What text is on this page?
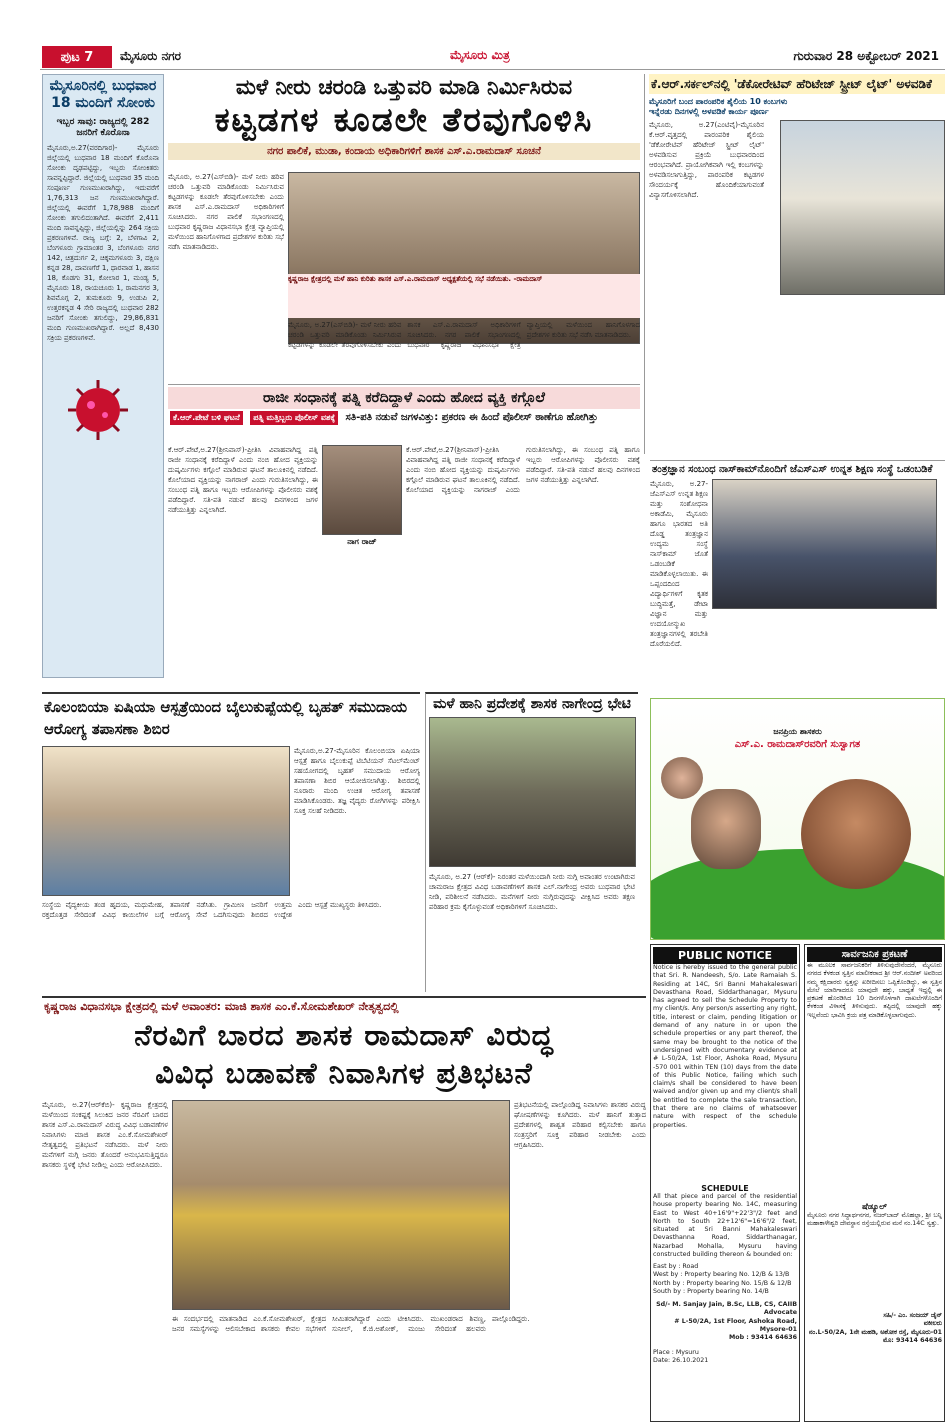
ಪುಟ 7	ಮೈಸೂರು ನಗರ	ಮೈಸೂರು ಮಿತ್ರ	ಗುರುವಾರ 28 ಅಕ್ಟೋಬರ್ 2021
ಮೈಸೂರಿನಲ್ಲಿ ಬುಧವಾರ 18 ಮಂದಿಗೆ ಸೋಂಕು
ಇಬ್ಬರ ಸಾವು: ರಾಜ್ಯದಲ್ಲಿ 282 ಜನರಿಗೆ ಕೊರೊನಾ
ಮೈಸೂರು,ಅ.27(ವರದಿಗಾರ)- ಮೈಸೂರು ಜಿಲ್ಲೆಯಲ್ಲಿ ಬುಧವಾರ 18 ಮಂದಿಗೆ ಕೊರೊನಾ ಸೋಂಕು ದೃಢಪಟ್ಟಿದ್ದು, ಇಬ್ಬರು ಸೋಂಕಿತರು ಸಾವನ್ನಪ್ಪಿದ್ದಾರೆ. ಜಿಲ್ಲೆಯಲ್ಲಿ ಬುಧವಾರ 35 ಮಂದಿ ಸಂಪೂರ್ಣ ಗುಣಮುಖರಾಗಿದ್ದು, ಇದುವರೆಗೆ 1,76,313 ಜನ ಗುಣಮುಖರಾಗಿದ್ದಾರೆ. ಜಿಲ್ಲೆಯಲ್ಲಿ ಈವರೆಗೆ 1,78,988 ಮಂದಿಗೆ ಸೋಂಕು ತಗುಲಿದಂತಾಗಿದೆ. ಈವರೆಗೆ 2,411 ಮಂದಿ ಸಾವನ್ನಪ್ಪಿದ್ದು, ಜಿಲ್ಲೆಯಲ್ಲಿನ್ನು 264 ಸಕ್ರಿಯ ಪ್ರಕರಣಗಳಿವೆ. ರಾಜ್ಯ ಬಗ್ಗೆ: 2, ಬೆಳಗಾವಿ 2, ಬೆಂಗಳೂರು ಗ್ರಾಮಾಂತರ 3, ಬೆಂಗಳೂರು ನಗರ 142, ಚಿತ್ರದುರ್ಗ 2, ಚಿಕ್ಕಮಗಳೂರು 3, ದಕ್ಷಿಣ ಕನ್ನಡ 28, ದಾವಣಗೆರೆ 1, ಧಾರವಾಡ 1, ಹಾಸನ 18, ಕೊಡಗು 31, ಕೋಲಾರ 1, ಮಂಡ್ಯ 5, ಮೈಸೂರು 18, ರಾಯಚೂರು 1, ರಾಮನಗರ 3, ಶಿವಮೊಗ್ಗ 2, ತುಮಕೂರು 9, ಉಡುಪಿ 2, ಉತ್ತರಕನ್ನಡ 4 ಸೇರಿ ರಾಜ್ಯದಲ್ಲಿ ಬುಧವಾರ 282 ಜನರಿಗೆ ಸೋಂಕು ತಗುಲಿದ್ದು, 29,86,831 ಮಂದಿ ಗುಣಮುಖರಾಗಿದ್ದಾರೆ. ಅಲ್ಲದೆ 8,430 ಸಕ್ರಿಯ ಪ್ರಕರಣಗಳಿವೆ.
ಮಳೆ ನೀರು ಚರಂಡಿ ಒತ್ತುವರಿ ಮಾಡಿ ನಿರ್ಮಿಸಿರುವ
ಕಟ್ಟಡಗಳ ಕೂಡಲೇ ತೆರವುಗೊಳಿಸಿ
ನಗರ ಪಾಲಿಕೆ, ಮುಡಾ, ಕಂದಾಯ ಅಧಿಕಾರಿಗಳಿಗೆ ಶಾಸಕ ಎಸ್.ಎ.ರಾಮದಾಸ್ ಸೂಚನೆ
ಮೈಸೂರು, ಅ.27(ಎಸ್‌ಬಿಡಿ)- ಮಳೆ ನೀರು ಹರಿವ ಚರಂಡಿ ಒತ್ತುವರಿ ಮಾಡಿಕೊಂಡು ನಿರ್ಮಿಸಿರುವ ಕಟ್ಟಡಗಳನ್ನು ಕೂಡಲೇ ತೆರವುಗೊಳಿಸಬೇಕು ಎಂದು ಶಾಸಕ ಎಸ್.ಎ.ರಾಮದಾಸ್ ಅಧಿಕಾರಿಗಳಿಗೆ ಸೂಚಿಸಿದರು. ನಗರ ಪಾಲಿಕೆ ಸಭಾಂಗಣದಲ್ಲಿ ಬುಧವಾರ ಕೃಷ್ಣರಾಜ ವಿಧಾನಸಭಾ ಕ್ಷೇತ್ರ ವ್ಯಾಪ್ತಿಯಲ್ಲಿ ಮಳೆಯಿಂದ ಹಾನಿಗೊಳಗಾದ ಪ್ರದೇಶಗಳ ಕುರಿತು ಸಭೆ ನಡೆಸಿ ಮಾತನಾಡಿದರು.
ಕೃಷ್ಣರಾಜ ಕ್ಷೇತ್ರದಲ್ಲಿ ಮಳೆ ಹಾನಿ ಕುರಿತು ಶಾಸಕ ಎಸ್.ಎ.ರಾಮದಾಸ್ ಅಧ್ಯಕ್ಷತೆಯಲ್ಲಿ ಸಭೆ ನಡೆಯಿತು. -ರಾಮದಾಸ್
ಮೈಸೂರು, ಅ.27(ಎಸ್‌ಬಿಡಿ)- ಮಳೆ ನೀರು ಹರಿವ ಚರಂಡಿ ಒತ್ತುವರಿ ಮಾಡಿಕೊಂಡು ನಿರ್ಮಿಸಿರುವ ಕಟ್ಟಡಗಳನ್ನು ಕೂಡಲೇ ತೆರವುಗೊಳಿಸಬೇಕು ಎಂದು ಶಾಸಕ ಎಸ್.ಎ.ರಾಮದಾಸ್ ಅಧಿಕಾರಿಗಳಿಗೆ ಸೂಚಿಸಿದರು. ನಗರ ಪಾಲಿಕೆ ಸಭಾಂಗಣದಲ್ಲಿ ಬುಧವಾರ ಕೃಷ್ಣರಾಜ ವಿಧಾನಸಭಾ ಕ್ಷೇತ್ರ ವ್ಯಾಪ್ತಿಯಲ್ಲಿ ಮಳೆಯಿಂದ ಹಾನಿಗೊಳಗಾದ ಪ್ರದೇಶಗಳ ಕುರಿತು ಸಭೆ ನಡೆಸಿ ಮಾತನಾಡಿದರು.
ಕೆ.ಆರ್.ಸರ್ಕಲ್‌ನಲ್ಲಿ 'ಡೆಕೋರೇಟಿವ್ ಹೆರಿಟೇಜ್ ಸ್ಟ್ರೀಟ್ ಲೈಟ್' ಅಳವಡಿಕೆ
ಮೈಸೂರಿಗೆ ಬಂದ ಪಾರಂಪರಿಕ ಶೈಲಿಯ 10 ಕಂಬಗಳು
ಇನ್ನೆರಡು ದಿನಗಳಲ್ಲಿ ಅಳವಡಿಕೆ ಕಾರ್ಯ ಪೂರ್ಣ
ಮೈಸೂರು, ಅ.27(ಎಂಟಿವೈ)-ಮೈಸೂರಿನ ಕೆ.ಆರ್.ವೃತ್ತದಲ್ಲಿ ಪಾರಂಪರಿಕ ಶೈಲಿಯ 'ಡೆಕೋರೇಟಿವ್ ಹೆರಿಟೇಜ್ ಸ್ಟ್ರೀಟ್ ಲೈಟ್' ಅಳವಡಿಸುವ ಪ್ರಕ್ರಿಯೆ ಬುಧವಾರದಿಂದ ಆರಂಭವಾಗಿದೆ. ಪ್ರಾಯೋಗಿಕವಾಗಿ ಇಲ್ಲಿ ಕಂಬಗಳನ್ನು ಅಳವಡಿಸಲಾಗುತ್ತಿದ್ದು, ಪಾರಂಪರಿಕ ಕಟ್ಟಡಗಳ ಸೌಂದರ್ಯಕ್ಕೆ ಹೊಂದಿಕೆಯಾಗುವಂತೆ ವಿನ್ಯಾಸಗೊಳಿಸಲಾಗಿದೆ.
ರಾಜೀ ಸಂಧಾನಕ್ಕೆ ಪತ್ನಿ ಕರೆದಿದ್ದಾಳೆ ಎಂದು ಹೋದ ವ್ಯಕ್ತಿ ಕಗ್ಗೊಲೆ
ಕೆ.ಆರ್.ಪೇಟೆ ಬಳಿ ಘಟನೆ ಪತ್ನಿ ಮತ್ತಿಬ್ಬರು ಪೊಲೀಸ್ ವಶಕ್ಕೆ ಸತಿ-ಪತಿ ನಡುವೆ ಜಗಳವಿತ್ತು: ಪ್ರಕರಣ ಈ ಹಿಂದೆ ಪೊಲೀಸ್ ಠಾಣೆಗೂ ಹೋಗಿತ್ತು
ಕೆ.ಆರ್.ಪೇಟೆ,ಅ.27(ಶ್ರೀನಿವಾಸ್)-ಪ್ರೀತಿಸಿ ವಿವಾಹವಾಗಿದ್ದ ಪತ್ನಿ ರಾಜೀ ಸಂಧಾನಕ್ಕೆ ಕರೆದಿದ್ದಾಳೆ ಎಂದು ನಂಬಿ ಹೋದ ವ್ಯಕ್ತಿಯನ್ನು ದುಷ್ಕರ್ಮಿಗಳು ಕಗ್ಗೊಲೆ ಮಾಡಿರುವ ಘಟನೆ ತಾಲೂಕಿನಲ್ಲಿ ನಡೆದಿದೆ. ಕೊಲೆಯಾದ ವ್ಯಕ್ತಿಯನ್ನು ನಾಗರಾಜ್ ಎಂದು ಗುರುತಿಸಲಾಗಿದ್ದು, ಈ ಸಂಬಂಧ ಪತ್ನಿ ಹಾಗೂ ಇಬ್ಬರು ಆರೋಪಿಗಳನ್ನು ಪೊಲೀಸರು ವಶಕ್ಕೆ ಪಡೆದಿದ್ದಾರೆ. ಸತಿ-ಪತಿ ನಡುವೆ ಹಲವು ದಿನಗಳಿಂದ ಜಗಳ ನಡೆಯುತ್ತಿತ್ತು ಎನ್ನಲಾಗಿದೆ.
ನಾಗ ರಾಜ್
ಕೆ.ಆರ್.ಪೇಟೆ,ಅ.27(ಶ್ರೀನಿವಾಸ್)-ಪ್ರೀತಿಸಿ ವಿವಾಹವಾಗಿದ್ದ ಪತ್ನಿ ರಾಜೀ ಸಂಧಾನಕ್ಕೆ ಕರೆದಿದ್ದಾಳೆ ಎಂದು ನಂಬಿ ಹೋದ ವ್ಯಕ್ತಿಯನ್ನು ದುಷ್ಕರ್ಮಿಗಳು ಕಗ್ಗೊಲೆ ಮಾಡಿರುವ ಘಟನೆ ತಾಲೂಕಿನಲ್ಲಿ ನಡೆದಿದೆ. ಕೊಲೆಯಾದ ವ್ಯಕ್ತಿಯನ್ನು ನಾಗರಾಜ್ ಎಂದು ಗುರುತಿಸಲಾಗಿದ್ದು, ಈ ಸಂಬಂಧ ಪತ್ನಿ ಹಾಗೂ ಇಬ್ಬರು ಆರೋಪಿಗಳನ್ನು ಪೊಲೀಸರು ವಶಕ್ಕೆ ಪಡೆದಿದ್ದಾರೆ. ಸತಿ-ಪತಿ ನಡುವೆ ಹಲವು ದಿನಗಳಿಂದ ಜಗಳ ನಡೆಯುತ್ತಿತ್ತು ಎನ್ನಲಾಗಿದೆ.
ತಂತ್ರಜ್ಞಾನ ಸಂಬಂಧ ನಾಸ್‌ಕಾಮ್‌ನೊಂದಿಗೆ ಜೆಎಸ್‌ಎಸ್ ಉನ್ನತ ಶಿಕ್ಷಣ ಸಂಸ್ಥೆ ಒಡಂಬಡಿಕೆ
ಮೈಸೂರು, ಅ.27- ಜೆಎಸ್‌ಎಸ್ ಉನ್ನತ ಶಿಕ್ಷಣ ಮತ್ತು ಸಂಶೋಧನಾ ಅಕಾಡೆಮಿ, ಮೈಸೂರು ಹಾಗೂ ಭಾರತದ ಅತಿ ದೊಡ್ಡ ತಂತ್ರಜ್ಞಾನ ಉದ್ಯಮ ಸಂಸ್ಥೆ ನಾಸ್‌ಕಾಮ್ ಜೊತೆ ಒಡಂಬಡಿಕೆ ಮಾಡಿಕೊಳ್ಳಲಾಯಿತು. ಈ ಒಪ್ಪಂದದಿಂದ ವಿದ್ಯಾರ್ಥಿಗಳಿಗೆ ಕೃತಕ ಬುದ್ಧಿಮತ್ತೆ, ಡೇಟಾ ವಿಜ್ಞಾನ ಮತ್ತು ಉದಯೋನ್ಮುಖ ತಂತ್ರಜ್ಞಾನಗಳಲ್ಲಿ ತರಬೇತಿ ದೊರೆಯಲಿದೆ.
ಕೊಲಂಬಿಯಾ ಏಷಿಯಾ ಆಸ್ಪತ್ರೆಯಿಂದ ಬೈಲುಕುಪ್ಪೆಯಲ್ಲಿ ಬೃಹತ್ ಸಮುದಾಯ ಆರೋಗ್ಯ ತಪಾಸಣಾ ಶಿಬಿರ
ಮೈಸೂರು,ಅ.27-ಮೈಸೂರಿನ ಕೊಲಂಬಿಯಾ ಏಷಿಯಾ ಆಸ್ಪತ್ರೆ ಹಾಗೂ ಬೈಲುಕುಪ್ಪೆ ಟಿಬೆಟಿಯನ್ ಸೆಟಲ್‌ಮೆಂಟ್ ಸಹಯೋಗದಲ್ಲಿ ಬೃಹತ್ ಸಮುದಾಯ ಆರೋಗ್ಯ ತಪಾಸಣಾ ಶಿಬಿರ ಆಯೋಜಿಸಲಾಗಿತ್ತು. ಶಿಬಿರದಲ್ಲಿ ನೂರಾರು ಮಂದಿ ಉಚಿತ ಆರೋಗ್ಯ ತಪಾಸಣೆ ಮಾಡಿಸಿಕೊಂಡರು. ತಜ್ಞ ವೈದ್ಯರು ರೋಗಿಗಳನ್ನು ಪರೀಕ್ಷಿಸಿ ಸೂಕ್ತ ಸಲಹೆ ನೀಡಿದರು.
ಸಂಸ್ಥೆಯ ವೈದ್ಯಕೀಯ ತಂಡ ಹೃದಯ, ಮಧುಮೇಹ, ರಕ್ತದೊತ್ತಡ ಸೇರಿದಂತೆ ವಿವಿಧ ಕಾಯಿಲೆಗಳ ಬಗ್ಗೆ ತಪಾಸಣೆ ನಡೆಸಿತು. ಗ್ರಾಮೀಣ ಜನರಿಗೆ ಉತ್ತಮ ಆರೋಗ್ಯ ಸೇವೆ ಒದಗಿಸುವುದು ಶಿಬಿರದ ಉದ್ದೇಶ ಎಂದು ಆಸ್ಪತ್ರೆ ಮುಖ್ಯಸ್ಥರು ತಿಳಿಸಿದರು.
ಮಳೆ ಹಾನಿ ಪ್ರದೇಶಕ್ಕೆ ಶಾಸಕ ನಾಗೇಂದ್ರ ಭೇಟಿ
ಮೈಸೂರು, ಅ.27 (ಆರ್‌ಕೆ)- ನಿರಂತರ ಮಳೆಯಿಂದಾಗಿ ನೀರು ನುಗ್ಗಿ ಅವಾಂತರ ಉಂಟಾಗಿರುವ ಚಾಮರಾಜ ಕ್ಷೇತ್ರದ ವಿವಿಧ ಬಡಾವಣೆಗಳಿಗೆ ಶಾಸಕ ಎಲ್.ನಾಗೇಂದ್ರ ಅವರು ಬುಧವಾರ ಭೇಟಿ ನೀಡಿ, ಪರಿಶೀಲನೆ ನಡೆಸಿದರು. ಮನೆಗಳಿಗೆ ನೀರು ನುಗ್ಗಿರುವುದನ್ನು ವೀಕ್ಷಿಸಿದ ಅವರು ತಕ್ಷಣ ಪರಿಹಾರ ಕ್ರಮ ಕೈಗೊಳ್ಳುವಂತೆ ಅಧಿಕಾರಿಗಳಿಗೆ ಸೂಚಿಸಿದರು.
ಜನಪ್ರಿಯ ಶಾಸಕರು
ಎಸ್.ಎ. ರಾಮದಾಸ್‌ರವರಿಗೆ ಸುಸ್ವಾಗತ
PUBLIC NOTICE
Notice is hereby issued to the general public that Sri. R. Nandeesh, S/o. Late Ramaiah S. Residing at 14C, Sri Banni Mahakaleswari Devasthana Road, Siddarthanagar, Mysuru has agreed to sell the Schedule Property to my client/s. Any person/s asserting any right, title, interest or claim, pending litigation or demand of any nature in or upon the schedule properties or any part thereof, the same may be brought to the notice of the undersigned with documentary evidence at # L-50/2A, 1st Floor, Ashoka Road, Mysuru -570 001 within TEN (10) days from the date of this Public Notice, failing which such claim/s shall be considered to have been waived and/or given up and my client/s shall be entitled to complete the sale transaction, that there are no claims of whatsoever nature with respect of the schedule properties.
SCHEDULE
All that piece and parcel of the residential house property bearing No. 14C, measuring East to West 40+16'9"+22'3"/2 feet and North to South 22+12'6"=16'6"/2 feet, situated at Sri Banni Mahakaleswari Devasthanna Road, Siddarthanagar, Nazarbad Mohalla, Mysuru having constructed building thereon & bounded on:
East by : Road
West by : Property bearing No. 12/B & 13/B
North by : Property bearing No. 15/B & 12/B
South by : Property bearing No. 14/B
Sd/- M. Sanjay Jain, B.Sc, LLB, CS, CAIIB
Advocate
# L-50/2A, 1st Floor, Ashoka Road, Mysore-01
Mob : 93414 64636
Place : Mysuru
Date: 26.10.2021
ಸಾರ್ವಜನಿಕ ಪ್ರಕಟಣೆ
ಈ ಮೂಲಕ ಸಾರ್ವಜನಿಕರಿಗೆ ತಿಳಿಸುವುದೇನೆಂದರೆ, ಮೈಸೂರು ನಗರದ ಕೆಳಕಂಡ ಸ್ವತ್ತಿನ ಮಾಲೀಕರಾದ ಶ್ರೀ ಆರ್.ನಂದೀಶ್ ಅವರಿಂದ ನಮ್ಮ ಕಕ್ಷಿದಾರರು ಸ್ವತ್ತನ್ನು ಖರೀದಿಸಲು ಒಪ್ಪಿಕೊಂಡಿದ್ದು, ಈ ಸ್ವತ್ತಿನ ಮೇಲೆ ಯಾರಿಗಾದರೂ ಯಾವುದೇ ಹಕ್ಕು, ಬಾಧ್ಯತೆ ಇದ್ದಲ್ಲಿ ಈ ಪ್ರಕಟಣೆ ಹೊರಡಿಸಿದ 10 ದಿನಗಳೊಳಗಾಗಿ ದಾಖಲೆಗಳೊಂದಿಗೆ ಕೆಳಕಂಡ ವಿಳಾಸಕ್ಕೆ ತಿಳಿಸುವುದು. ತಪ್ಪಿದಲ್ಲಿ ಯಾವುದೇ ಹಕ್ಕು ಇಲ್ಲವೆಂದು ಭಾವಿಸಿ ಕ್ರಯ ಪತ್ರ ಮಾಡಿಕೊಳ್ಳಲಾಗುವುದು.
ಷೆಡ್ಯೂಲ್
ಮೈಸೂರು ನಗರ ಸಿದ್ಧಾರ್ಥನಗರ, ನಜರ್‌ಬಾದ್ ಮೊಹಲ್ಲಾ, ಶ್ರೀ ಬನ್ನಿ ಮಹಾಕಾಳೇಶ್ವರಿ ದೇವಸ್ಥಾನ ರಸ್ತೆಯಲ್ಲಿರುವ ಮನೆ ನಂ.14C ಸ್ವತ್ತು.
ಸಹಿ/- ಎಂ. ಸಂಜಯ್ ಜೈನ್
ವಕೀಲರು
ನಂ.L-50/2A, 1ನೇ ಮಹಡಿ, ಅಶೋಕ ರಸ್ತೆ, ಮೈಸೂರು-01
ಮೊ: 93414 64636
ಕೃಷ್ಣರಾಜ ವಿಧಾನಸಭಾ ಕ್ಷೇತ್ರದಲ್ಲಿ ಮಳೆ ಅವಾಂತರ: ಮಾಜಿ ಶಾಸಕ ಎಂ.ಕೆ.ಸೋಮಶೇಖರ್ ನೇತೃತ್ವದಲ್ಲಿ
ನೆರವಿಗೆ ಬಾರದ ಶಾಸಕ ರಾಮದಾಸ್ ವಿರುದ್ಧ
ವಿವಿಧ ಬಡಾವಣೆ ನಿವಾಸಿಗಳ ಪ್ರತಿಭಟನೆ
ಮೈಸೂರು, ಅ.27(ಆರ್‌ಕೆಬಿ)- ಕೃಷ್ಣರಾಜ ಕ್ಷೇತ್ರದಲ್ಲಿ ಮಳೆಯಿಂದ ಸಂಕಷ್ಟಕ್ಕೆ ಸಿಲುಕಿದ ಜನರ ನೆರವಿಗೆ ಬಾರದ ಶಾಸಕ ಎಸ್.ಎ.ರಾಮದಾಸ್ ವಿರುದ್ಧ ವಿವಿಧ ಬಡಾವಣೆಗಳ ನಿವಾಸಿಗಳು ಮಾಜಿ ಶಾಸಕ ಎಂ.ಕೆ.ಸೋಮಶೇಖರ್ ನೇತೃತ್ವದಲ್ಲಿ ಪ್ರತಿಭಟನೆ ನಡೆಸಿದರು. ಮಳೆ ನೀರು ಮನೆಗಳಿಗೆ ನುಗ್ಗಿ ಜನರು ತೊಂದರೆ ಅನುಭವಿಸುತ್ತಿದ್ದರೂ ಶಾಸಕರು ಸ್ಥಳಕ್ಕೆ ಭೇಟಿ ನೀಡಿಲ್ಲ ಎಂದು ಆರೋಪಿಸಿದರು.
ಪ್ರತಿಭಟನೆಯಲ್ಲಿ ಪಾಲ್ಗೊಂಡಿದ್ದ ನಿವಾಸಿಗಳು ಶಾಸಕರ ವಿರುದ್ಧ ಘೋಷಣೆಗಳನ್ನು ಕೂಗಿದರು. ಮಳೆ ಹಾನಿಗೆ ತುತ್ತಾದ ಪ್ರದೇಶಗಳಲ್ಲಿ ಶಾಶ್ವತ ಪರಿಹಾರ ಕಲ್ಪಿಸಬೇಕು ಹಾಗೂ ಸಂತ್ರಸ್ತರಿಗೆ ಸೂಕ್ತ ಪರಿಹಾರ ನೀಡಬೇಕು ಎಂದು ಆಗ್ರಹಿಸಿದರು.
ಈ ಸಂದರ್ಭದಲ್ಲಿ ಮಾತನಾಡಿದ ಎಂ.ಕೆ.ಸೋಮಶೇಖರ್, ಕ್ಷೇತ್ರದ ಜನರ ಸಮಸ್ಯೆಗಳನ್ನು ಆಲಿಸಬೇಕಾದ ಶಾಸಕರು ಕೇವಲ ಸಭೆಗಳಿಗೆ ಸೀಮಿತರಾಗಿದ್ದಾರೆ ಎಂದು ಟೀಕಿಸಿದರು. ಮುಖಂಡರಾದ ಶಿವಣ್ಣ, ಸುನೀಲ್, ಕೆ.ಜಿ.ಅಶೋಕ್, ಮಂಜು ಸೇರಿದಂತೆ ಹಲವರು ಪಾಲ್ಗೊಂಡಿದ್ದರು.
